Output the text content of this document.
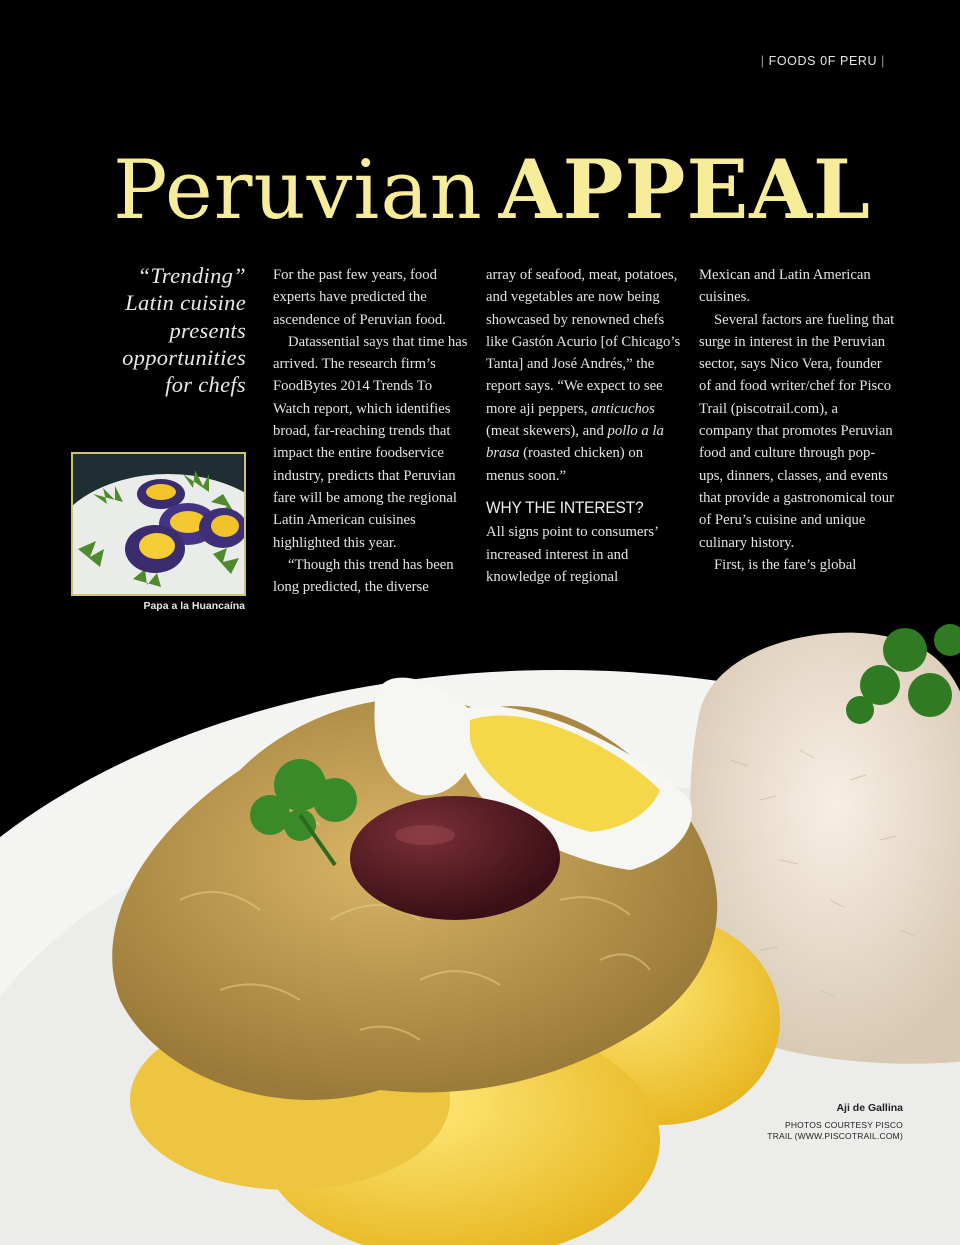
| FOODS 0F PERU |
Peruvian APPEAL
“Trending”
Latin cuisine
presents
opportunities
for chefs
Papa a la Huancaína

For the past few years, food experts have predicted the ascendence of Peruvian food.

Datassential says that time has arrived. The research firm’s FoodBytes 2014 Trends To Watch report, which identifies broad, far-reaching trends that impact the entire foodservice industry, predicts that Peruvian fare will be among the regional Latin American cuisines highlighted this year.

“Though this trend has been long predicted, the diverse

array of seafood, meat, potatoes, and vegetables are now being showcased by renowned chefs like Gastón Acurio [of Chicago’s Tanta] and José Andrés,” the report says. “We expect to see more aji peppers, anticuchos (meat skewers), and pollo a la brasa (roasted chicken) on menus soon.”

WHY THE INTEREST?

All signs point to consumers’ increased interest in and knowledge of regional

Mexican and Latin American cuisines.

Several factors are fueling that surge in interest in the Peruvian sector, says Nico Vera, founder of and food writer/chef for Pisco Trail (piscotrail.com), a company that promotes Peruvian food and culture through pop-ups, dinners, classes, and events that provide a gastronomical tour of Peru’s cuisine and unique culinary history.

First, is the fare’s global

Aji de Gallina
PHOTOS COURTESY PISCO
TRAIL (WWW.PISCOTRAIL.COM)
